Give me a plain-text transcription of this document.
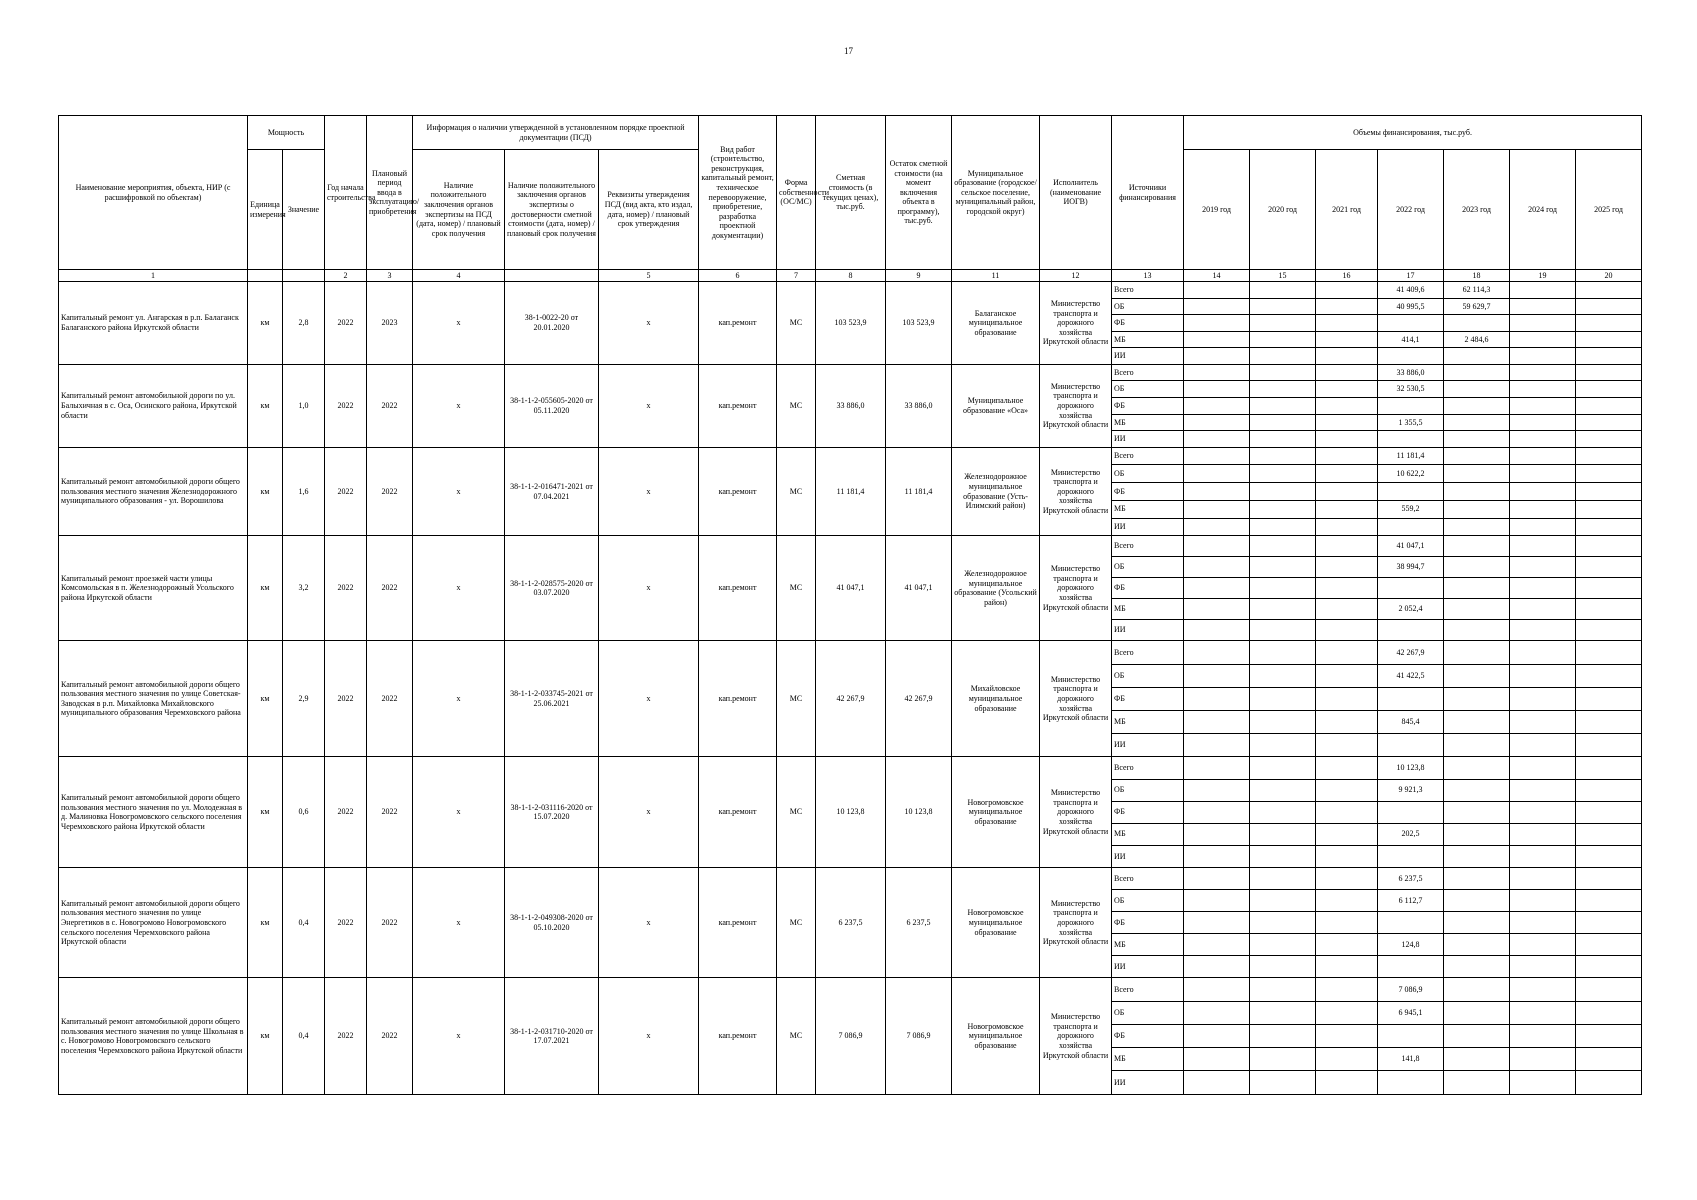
17
Наименование мероприятия, объекта, НИР (с расшифровкой по объектам)	Мощность		Год начала строительства	Плановый период ввода в эксплуатацию/приобретения	Информация о наличии утвержденной в установленном порядке проектной документации (ПСД)			Вид работ (строительство, реконструкция, капитальный ремонт, техническое перевооружение, приобретение, разработка проектной документации)	Форма собственности (ОС/МС)	Сметная стоимость (в текущих ценах), тыс.руб.	Остаток сметной стоимости (на момент включения объекта в программу), тыс.руб.	Муниципальное образование (городское/сельское поселение, муниципальный район, городской округ)	Исполнитель (наименование ИОГВ)	Источники финансирования	Объемы финансирования, тыс.руб.						
	Единица измерения	Значение			Наличие положительного заключения органов экспертизы на ПСД (дата, номер) / плановый срок получения	Наличие положительного заключения органов экспертизы о достоверности сметной стоимости (дата, номер) / плановый срок получения	Реквизиты утверждения ПСД (вид акта, кто издал, дата, номер) / плановый срок утверждения								2019 год	2020 год	2021 год	2022 год	2023 год	2024 год	2025 год
1			2	3	4		5	6	7	8	9	11	12	13	14	15	16	17	18	19	20
Капитальный ремонт ул. Ангарская в р.п. Балаганск Балаганского района Иркутской области	км	2,8	2022	2023	х	38-1-0022-20 от 20.01.2020	х	кап.ремонт	МС	103 523,9	103 523,9	Балаганское муниципальное образование	Министерство транспорта и дорожного хозяйства Иркутской области	Всего				41 409,6	62 114,3		
														ОБ				40 995,5	59 629,7		
														ФБ							
														МБ				414,1	2 484,6		
														ИИ							
Капитальный ремонт автомобильной дороги по ул. Балыхичная в с. Оса, Осинского района, Иркутской области	км	1,0	2022	2022	х	38-1-1-2-055605-2020 от 05.11.2020	х	кап.ремонт	МС	33 886,0	33 886,0	Муниципальное образование «Оса»	Министерство транспорта и дорожного хозяйства Иркутской области	Всего				33 886,0			
														ОБ				32 530,5			
														ФБ							
														МБ				1 355,5			
														ИИ							
Капитальный ремонт автомобильной дороги общего пользования местного значения Железнодорожного муниципального образования - ул. Ворошилова	км	1,6	2022	2022	х	38-1-1-2-016471-2021 от 07.04.2021	х	кап.ремонт	МС	11 181,4	11 181,4	Железнодорожное муниципальное образование (Усть-Илимский район)	Министерство транспорта и дорожного хозяйства Иркутской области	Всего				11 181,4			
														ОБ				10 622,2			
														ФБ							
														МБ				559,2			
														ИИ							
Капитальный ремонт проезжей части улицы Комсомольская в п. Железнодорожный Усольского района Иркутской области	км	3,2	2022	2022	х	38-1-1-2-028575-2020 от 03.07.2020	х	кап.ремонт	МС	41 047,1	41 047,1	Железнодорожное муниципальное образование (Усольский район)	Министерство транспорта и дорожного хозяйства Иркутской области	Всего				41 047,1			
														ОБ				38 994,7			
														ФБ							
														МБ				2 052,4			
														ИИ							
Капитальный ремонт автомобильной дороги общего пользования местного значения по улице Советская-Заводская в р.п. Михайловка Михайловского муниципального образования Черемховского района	км	2,9	2022	2022	х	38-1-1-2-033745-2021 от 25.06.2021	х	кап.ремонт	МС	42 267,9	42 267,9	Михайловское муниципальное образование	Министерство транспорта и дорожного хозяйства Иркутской области	Всего				42 267,9			
														ОБ				41 422,5			
														ФБ							
														МБ				845,4			
														ИИ							
Капитальный ремонт автомобильной дороги общего пользования местного значения по ул. Молодежная в д. Малиновка Новогромовского сельского поселения Черемховского района Иркутской области	км	0,6	2022	2022	х	38-1-1-2-031116-2020 от 15.07.2020	х	кап.ремонт	МС	10 123,8	10 123,8	Новогромовское муниципальное образование	Министерство транспорта и дорожного хозяйства Иркутской области	Всего				10 123,8			
														ОБ				9 921,3			
														ФБ							
														МБ				202,5			
														ИИ							
Капитальный ремонт автомобильной дороги общего пользования местного значения по улице Энергетиков в с. Новогромово Новогромовского сельского поселения Черемховского района Иркутской области	км	0,4	2022	2022	х	38-1-1-2-049308-2020 от 05.10.2020	х	кап.ремонт	МС	6 237,5	6 237,5	Новогромовское муниципальное образование	Министерство транспорта и дорожного хозяйства Иркутской области	Всего				6 237,5			
														ОБ				6 112,7			
														ФБ							
														МБ				124,8			
														ИИ							
Капитальный ремонт автомобильной дороги общего пользования местного значения по улице Школьная в с. Новогромово Новогромовского сельского поселения Черемховского района Иркутской области	км	0,4	2022	2022	х	38-1-1-2-031710-2020 от 17.07.2021	х	кап.ремонт	МС	7 086,9	7 086,9	Новогромовское муниципальное образование	Министерство транспорта и дорожного хозяйства Иркутской области	Всего				7 086,9			
														ОБ				6 945,1			
														ФБ							
														МБ				141,8			
														ИИ							
